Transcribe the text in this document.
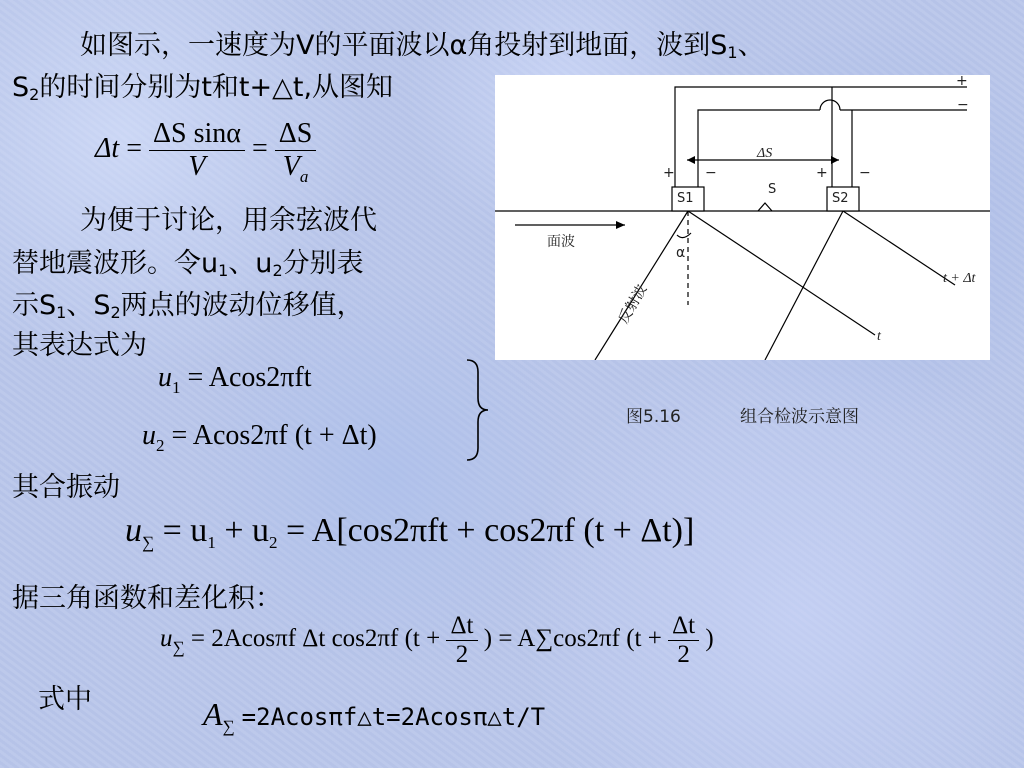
如图示，一速度为V的平面波以α角投射到地面，波到$S_1$、
$S_2$的时间分别为t和t+△t,从图知
$\Delta t = \frac{\text{ΔS sinα}}{V} = \frac{\Delta S}{V_a}$
为便于讨论，用余弦波代
替地震波形。令$u_1$、$u_2$分别表
示$S_1$、$S_2$两点的波动位移值，
其表达式为
$u_1 = Acos2\pi ft$
$u_2 = Acos2\pi f$ (t + Δt)
+
−
ΔS
+ −	+ −
S1	S2
S
面波
α
反射波
t + Δt
t
图5.16	组合检波示意图
其合振动
$u_\sum = u_1 + u_2 = A[\cos 2\pi ft + \cos 2\pi f$ (t + Δt)]
据三角函数和差化积：
$u_\sum = 2Acos\pi f$ Δt cos2πf ($t + \frac{\Delta t}{2}$ ) = A∑cos2πf ($t + \frac{\Delta t}{2}$ )
式中	$A_\sum$ =2Acosπf△t=2Acosπ△t/T
